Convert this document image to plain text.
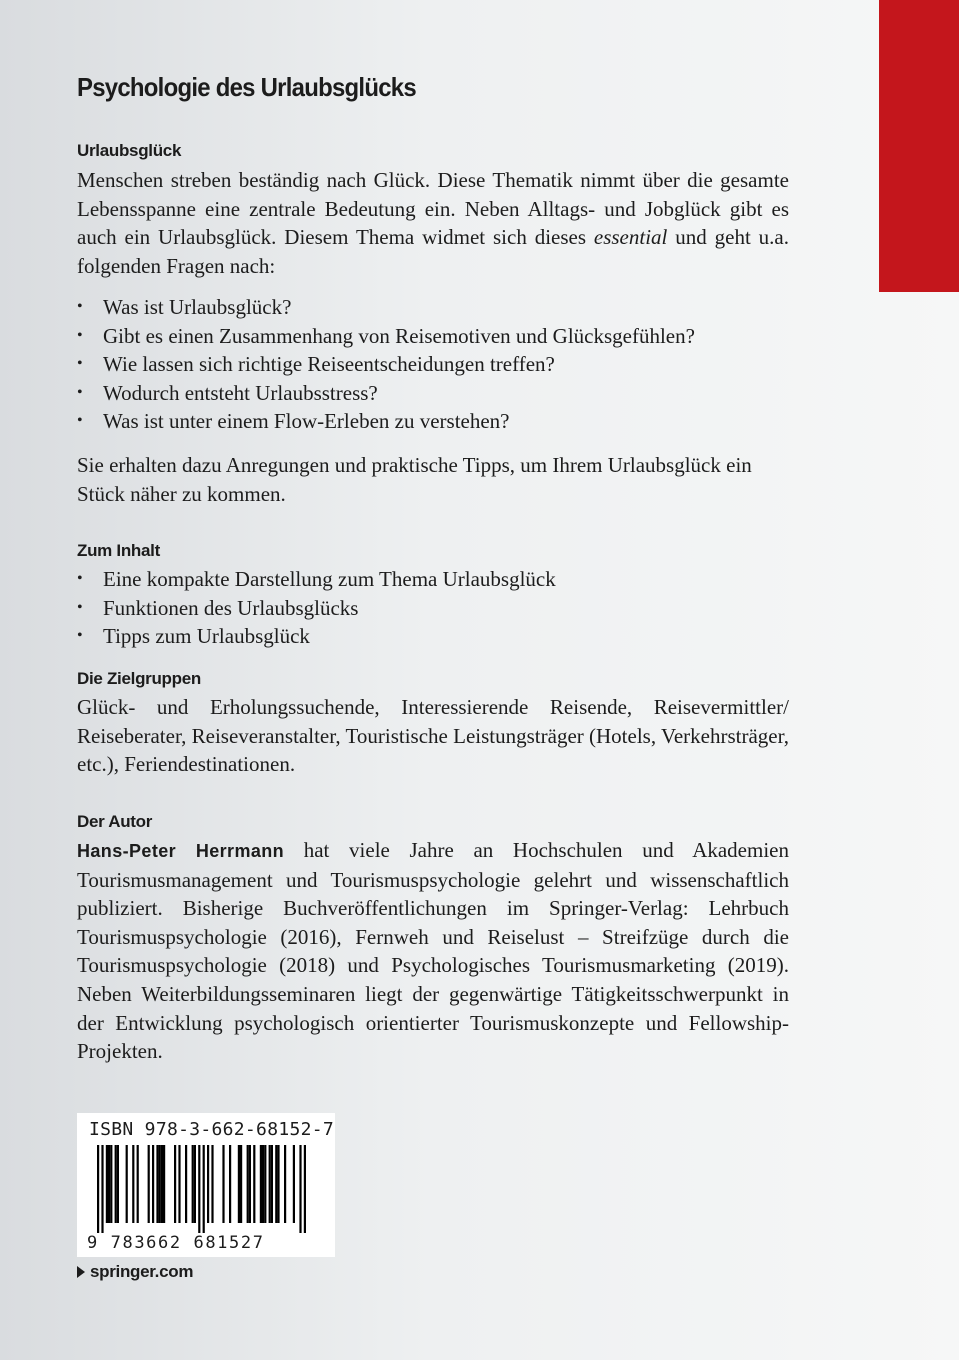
Psychologie des Urlaubsglücks
Urlaubsglück

Menschen streben beständig nach Glück. Diese Thematik nimmt über die gesamte Lebensspanne eine zentrale Bedeutung ein. Neben Alltags- und Jobglück gibt es auch ein Urlaubsglück. Diesem Thema widmet sich dieses essential und geht u.a. folgenden Fragen nach:

• Was ist Urlaubsglück?
• Gibt es einen Zusammenhang von Reisemotiven und Glücksgefühlen?
• Wie lassen sich richtige Reiseentscheidungen treffen?
• Wodurch entsteht Urlaubsstress?
• Was ist unter einem Flow-Erleben zu verstehen?

Sie erhalten dazu Anregungen und praktische Tipps, um Ihrem Urlaubsglück ein Stück näher zu kommen.

Zum Inhalt
• Eine kompakte Darstellung zum Thema Urlaubsglück
• Funktionen des Urlaubsglücks
• Tipps zum Urlaubsglück
Die Zielgruppen

Glück- und Erholungssuchende, Interessierende Reisende, Reisevermittler/ Reiseberater, Reiseveranstalter, Touristische Leistungsträger (Hotels, Verkehrsträger, etc.), Feriendestinationen.

Der Autor

Hans-Peter Herrmann hat viele Jahre an Hochschulen und Akademien Tourismusmanagement und Tourismuspsychologie gelehrt und wissenschaftlich publiziert. Bisherige Buchveröffentlichungen im Springer-Verlag: Lehrbuch Tourismuspsychologie (2016), Fernweh und Reiselust – Streifzüge durch die Tourismuspsychologie (2018) und Psychologisches Tourismusmarketing (2019). Neben Weiterbildungsseminaren liegt der gegenwärtige Tätigkeitsschwerpunkt in der Entwicklung psychologisch orientierter Tourismuskonzepte und Fellowship-Projekten.

ISBN 978-3-662-68152-7
9 783662 681527
springer.com
